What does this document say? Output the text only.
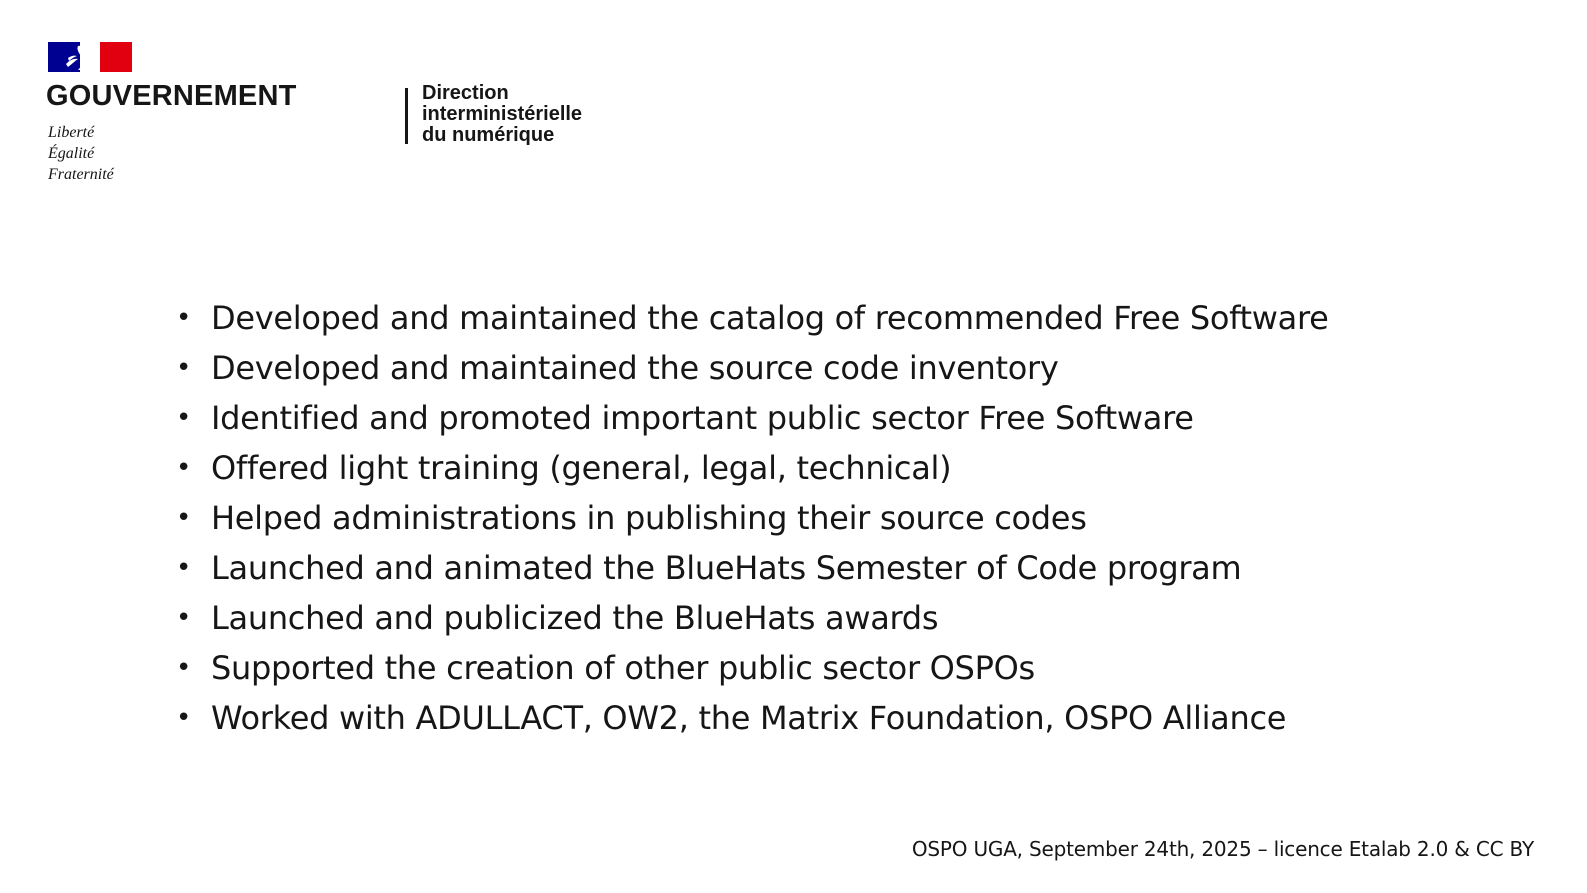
GOUVERNEMENT
Liberté
Égalité
Fraternité
Direction
interministérielle
du numérique
• Developed and maintained the catalog of recommended Free Software
• Developed and maintained the source code inventory
• Identified and promoted important public sector Free Software
• Offered light training (general, legal, technical)
• Helped administrations in publishing their source codes
• Launched and animated the BlueHats Semester of Code program
• Launched and publicized the BlueHats awards
• Supported the creation of other public sector OSPOs
• Worked with ADULLACT, OW2, the Matrix Foundation, OSPO Alliance
OSPO UGA, September 24th, 2025 – licence Etalab 2.0 & CC BY
